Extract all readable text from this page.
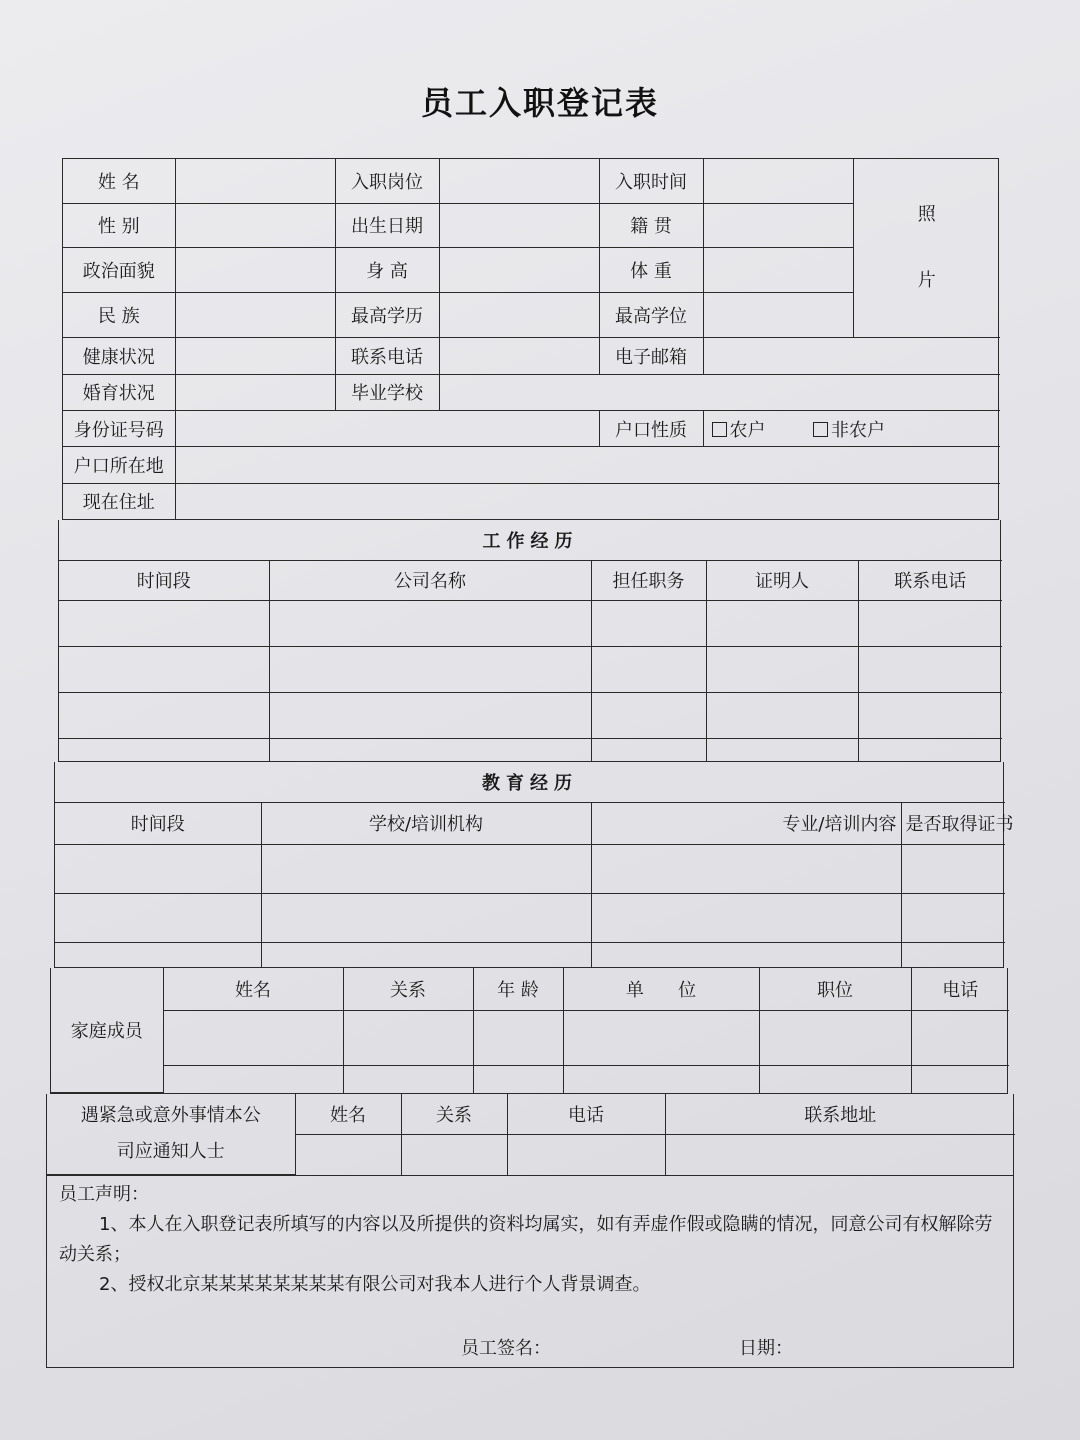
员工入职登记表
姓 名		入职岗位		入职时间		照
片

性 别		出生日期		籍 贯		
政治面貌		身 高		体 重		
民 族		最高学历		最高学位		
健康状况		联系电话		电子邮箱		
婚育状况		毕业学校				
身份证号码				户口性质	农户 非农户	
户口所在地						
现在住址						
工作经历				
时间段	公司名称	担任职务	证明人	联系电话

教育经历			
时间段	学校/培训机构	专业/培训内容	是否取得证书

家庭成员	姓名	关系	年 龄	单      位	职位	电话

遇紧急或意外事情本公
司应通知人士	姓名	关系	电话	联系地址

员工声明：
1、本人在入职登记表所填写的内容以及所提供的资料均属实，如有弄虚作假或隐瞒的情况，同意公司有权解除劳动关系；
2、授权北京某某某某某某某某有限公司对我本人进行个人背景调查。
员工签名：	日期：
